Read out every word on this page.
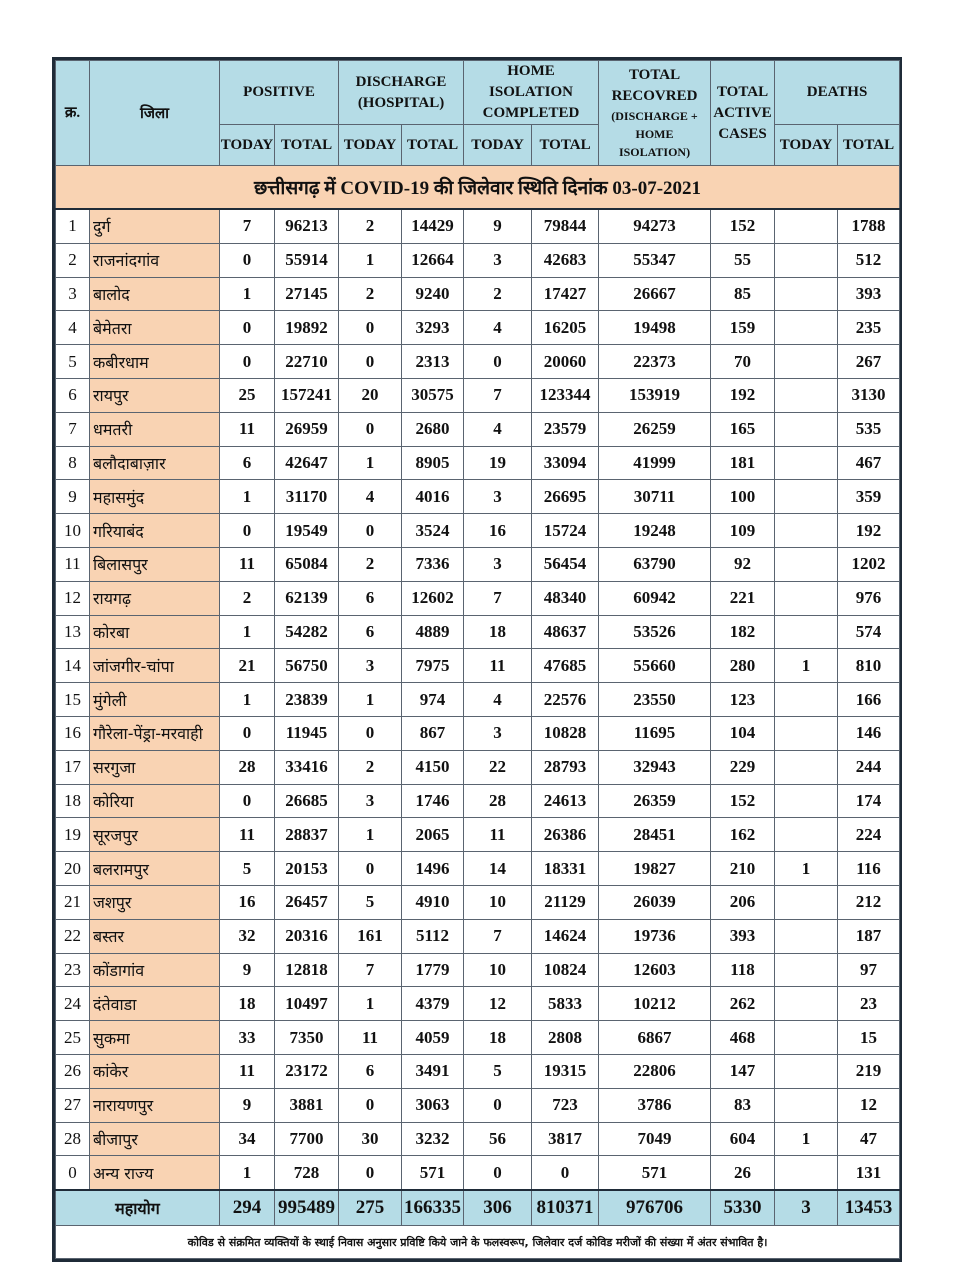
छत्तीसगढ़ में COVID-19 की जिलेवार स्थिति दिनांक 03-07-2021											
क्र.	जिला	POSITIVE		DISCHARGE (HOSPITAL)		HOME ISOLATION COMPLETED		TOTAL RECOVRED
(DISCHARGE + HOME ISOLATION)	TOTAL ACTIVE CASES	DEATHS	
		TODAY	TOTAL	TODAY	TOTAL	TODAY	TOTAL			TODAY	TOTAL
1	दुर्ग	7	96213	2	14429	9	79844	94273	152		1788
2	राजनांदगांव	0	55914	1	12664	3	42683	55347	55		512
3	बालोद	1	27145	2	9240	2	17427	26667	85		393
4	बेमेतरा	0	19892	0	3293	4	16205	19498	159		235
5	कबीरधाम	0	22710	0	2313	0	20060	22373	70		267
6	रायपुर	25	157241	20	30575	7	123344	153919	192		3130
7	धमतरी	11	26959	0	2680	4	23579	26259	165		535
8	बलौदाबाज़ार	6	42647	1	8905	19	33094	41999	181		467
9	महासमुंद	1	31170	4	4016	3	26695	30711	100		359
10	गरियाबंद	0	19549	0	3524	16	15724	19248	109		192
11	बिलासपुर	11	65084	2	7336	3	56454	63790	92		1202
12	रायगढ़	2	62139	6	12602	7	48340	60942	221		976
13	कोरबा	1	54282	6	4889	18	48637	53526	182		574
14	जांजगीर-चांपा	21	56750	3	7975	11	47685	55660	280	1	810
15	मुंगेली	1	23839	1	974	4	22576	23550	123		166
16	गौरेला-पेंड्रा-मरवाही	0	11945	0	867	3	10828	11695	104		146
17	सरगुजा	28	33416	2	4150	22	28793	32943	229		244
18	कोरिया	0	26685	3	1746	28	24613	26359	152		174
19	सूरजपुर	11	28837	1	2065	11	26386	28451	162		224
20	बलरामपुर	5	20153	0	1496	14	18331	19827	210	1	116
21	जशपुर	16	26457	5	4910	10	21129	26039	206		212
22	बस्तर	32	20316	161	5112	7	14624	19736	393		187
23	कोंडागांव	9	12818	7	1779	10	10824	12603	118		97
24	दंतेवाडा	18	10497	1	4379	12	5833	10212	262		23
25	सुकमा	33	7350	11	4059	18	2808	6867	468		15
26	कांकेर	11	23172	6	3491	5	19315	22806	147		219
27	नारायणपुर	9	3881	0	3063	0	723	3786	83		12
28	बीजापुर	34	7700	30	3232	56	3817	7049	604	1	47
0	अन्य राज्य	1	728	0	571	0	0	571	26		131
महायोग		294	995489	275	166335	306	810371	976706	5330	3	13453
कोविड से संक्रमित व्यक्तियों के स्थाई निवास अनुसार प्रविष्टि किये जाने के फलस्वरूप, जिलेवार दर्ज कोविड मरीजों की संख्या में अंतर संभावित है।											
